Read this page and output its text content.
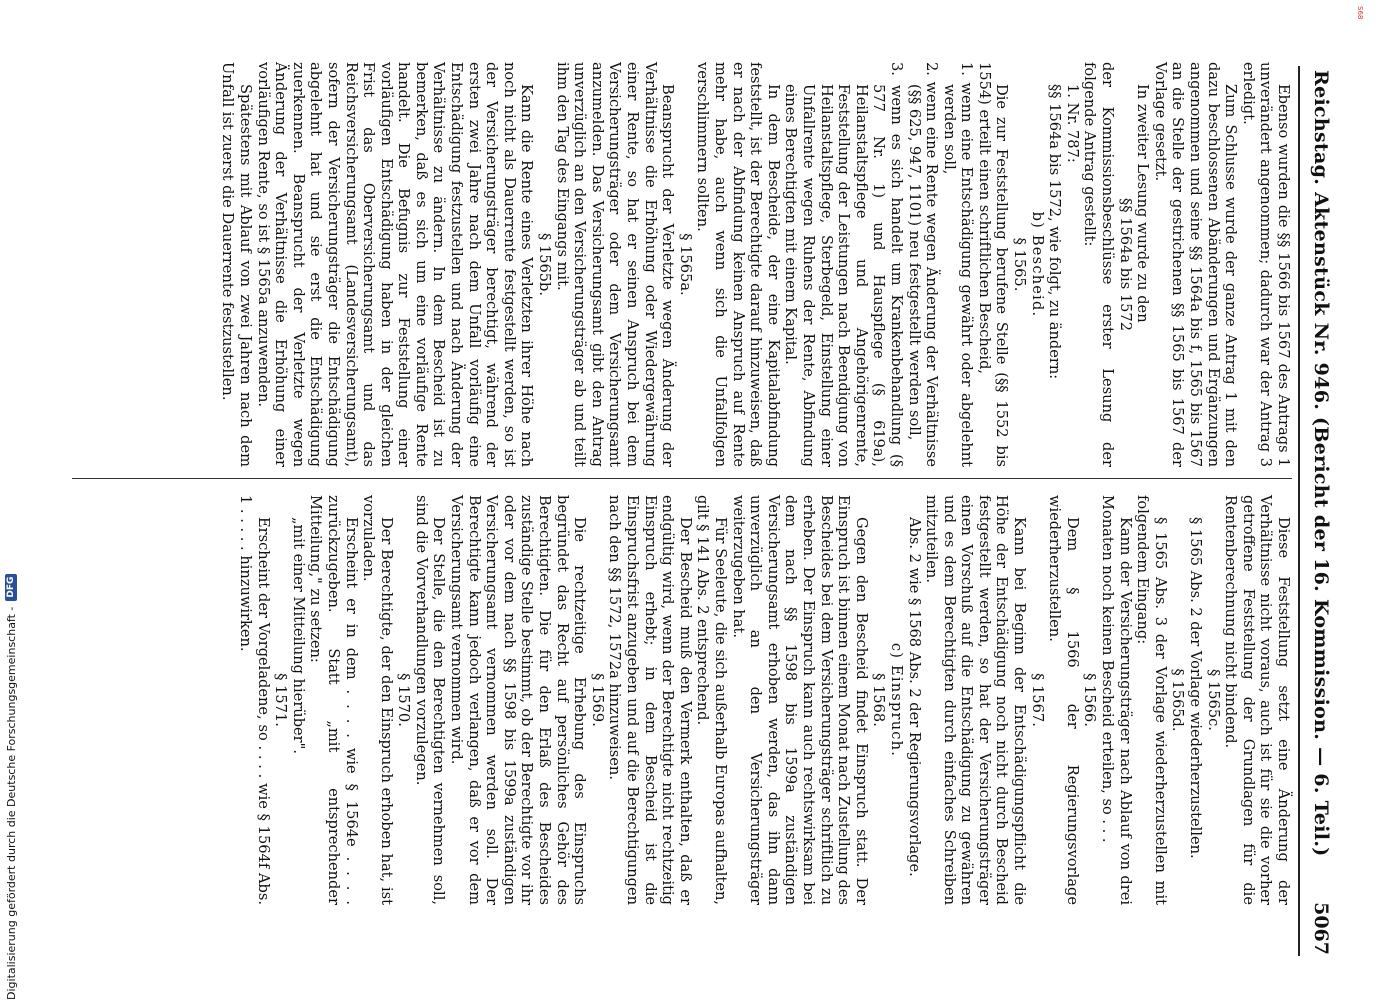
Reichstag. Aktenstück Nr. 946. (Bericht der 16. Kommission. — 6. Teil.)
5067

Ebenso wurden die §§ 1566 bis 1567 des Antrags 1 unverändert angenommen; dadurch war der Antrag 3 erledigt.

Zum Schlusse wurde der ganze Antrag 1 mit den dazu beschlossenen Abänderungen und Ergänzungen angenommen und seine §§ 1564a bis f, 1565 bis 1567 an die Stelle der gestrichenen §§ 1565 bis 1567 der Vorlage gesetzt.

In zweiter Lesung wurde zu den

§§ 1564a bis 1572

der Kommissionsbeschlüsse erster Lesung der folgende Antrag gestellt:

1. Nr. 787:

§§ 1564a bis 1572, wie folgt, zu ändern:

b) Bescheid.

§ 1565.

Die zur Feststellung berufene Stelle (§§ 1552 bis 1554) erteilt einen schriftlichen Bescheid,

1. wenn eine Entschädigung gewährt oder abgelehnt werden soll,

2. wenn eine Rente wegen Änderung der Verhältnisse (§§ 625, 947, 1101) neu festgestellt werden soll,

3. wenn es sich handelt um Krankenbehandlung (§ 577 Nr. 1) und Hauspflege (§ 619a), Heilanstaltspflege und Angehörigenrente, Feststellung der Leistungen nach Beendigung von Heilanstaltspflege, Sterbegeld, Einstellung einer Unfallrente wegen Ruhens der Rente, Abfindung eines Berechtigten mit einem Kapital.

In dem Bescheide, der eine Kapitalabfindung feststellt, ist der Berechtigte darauf hinzuweisen, daß er nach der Abfindung keinen Anspruch auf Rente mehr habe, auch wenn sich die Unfallfolgen verschlimmern sollten.

§ 1565a.

Beansprucht der Verletzte wegen Änderung der Verhältnisse die Erhöhung oder Wiedergewährung einer Rente, so hat er seinen Anspruch bei dem Versicherungsträger oder dem Versicherungsamt anzumelden. Das Versicherungsamt gibt den Antrag unverzüglich an den Versicherungsträger ab und teilt ihm den Tag des Eingangs mit.

§ 1565b.

Kann die Rente eines Verletzten ihrer Höhe nach noch nicht als Dauerrente festgestellt werden, so ist der Versicherungsträger berechtigt, während der ersten zwei Jahre nach dem Unfall vorläufig eine Entschädigung festzustellen und nach Änderung der Verhältnisse zu ändern. In dem Bescheid ist zu bemerken, daß es sich um eine vorläufige Rente handelt. Die Befugnis zur Feststellung einer vorläufigen Entschädigung haben in der gleichen Frist das Oberversicherungsamt und das Reichsversicherungsamt (Landesversicherungsamt), sofern der Versicherungsträger die Entschädigung abgelehnt hat und sie erst die Entschädigung zuerkennen. Beansprucht der Verletzte wegen Änderung der Verhältnisse die Erhöhung einer vorläufigen Rente, so ist § 1565a anzuwenden.

Spätestens mit Ablauf von zwei Jahren nach dem Unfall ist zuerst die Dauerrente festzustellen.

Diese Feststellung setzt eine Änderung der Verhältnisse nicht voraus, auch ist für sie die vorher getroffene Feststellung der Grundlagen für die Rentenberechnung nicht bindend.

§ 1565c.

§ 1565 Abs. 2 der Vorlage wiederherzustellen.

§ 1565d.

§ 1565 Abs. 3 der Vorlage wiederherzustellen mit folgendem Eingang:

Kann der Versicherungsträger nach Ablauf von drei Monaten noch keinen Bescheid erteilen, so . . .

§ 1566.

Dem § 1566 der Regierungsvorlage wiederherzustellen.

§ 1567.

Kann bei Beginn der Entschädigungspflicht die Höhe der Entschädigung noch nicht durch Bescheid festgestellt werden, so hat der Versicherungsträger einen Vorschuß auf die Entschädigung zu gewähren und es dem Berechtigten durch einfaches Schreiben mitzuteilen.

Abs. 2 wie § 1568 Abs. 2 der Regierungsvorlage.

c) Einspruch.

§ 1568.

Gegen den Bescheid findet Einspruch statt. Der Einspruch ist binnen einem Monat nach Zustellung des Bescheides bei dem Versicherungsträger schriftlich zu erheben. Der Einspruch kann auch rechtswirksam bei dem nach §§ 1598 bis 1599a zuständigen Versicherungsamt erhoben werden, das ihn dann unverzüglich an den Versicherungsträger weiterzugeben hat.

Für Seeleute, die sich außerhalb Europas aufhalten, gilt § 141 Abs. 2 entsprechend.

Der Bescheid muß den Vermerk enthalten, daß er endgültig wird, wenn der Berechtigte nicht rechtzeitig Einspruch erhebt; in dem Bescheid ist die Einspruchsfrist anzugeben und auf die Berechtigungen nach den §§ 1572, 1572a hinzuweisen.

§ 1569.

Die rechtzeitige Erhebung des Einspruchs begründet das Recht auf persönliches Gehör des Berechtigten. Die für den Erlaß des Bescheides zuständige Stelle bestimmt, ob der Berechtigte vor ihr oder vor dem nach §§ 1598 bis 1599a zuständigen Versicherungsamt vernommen werden soll. Der Berechtigte kann jedoch verlangen, daß er vor dem Versicherungsamt vernommen wird.

Der Stelle, die den Berechtigten vernehmen soll, sind die Vorverhandlungen vorzulegen.

§ 1570.

Der Berechtigte, der den Einspruch erhoben hat, ist vorzuladen.

Erscheint er in dem . . . . wie § 1564e . . . . zurückzugeben. Statt „mit entsprechender Mitteilung," zu setzen:

„mit einer Mitteilung hierüber".

§ 1571.

Erscheint der Vorgeladene, so . . . . wie § 1564f Abs. 1 . . . . . hinzuwirken.

Digitalisierung gefördert durch die Deutsche Forschungsgemeinschaft -
DFG
S68
